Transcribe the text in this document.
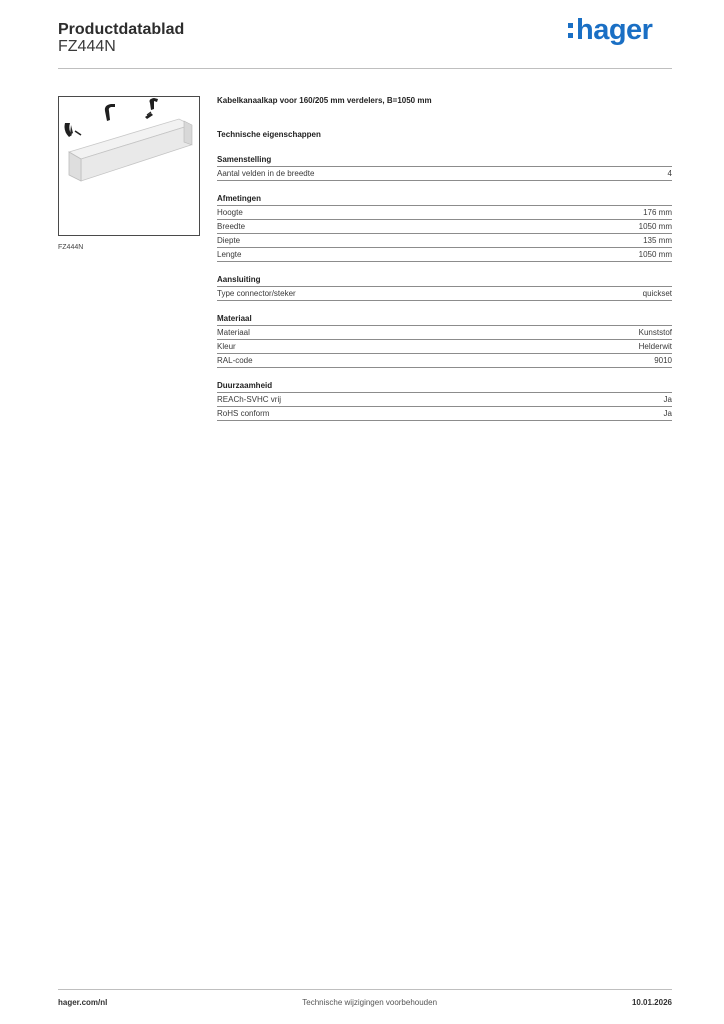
Productdatablad
FZ444N
hager
FZ444N
Kabelkanaalkap voor 160/205 mm verdelers, B=1050 mm
Technische eigenschappen
Samenstelling
Aantal velden in de breedte	4
Afmetingen
Hoogte	176 mm
Breedte	1050 mm
Diepte	135 mm
Lengte	1050 mm
Aansluiting
Type connector/steker	quickset
Materiaal
Materiaal	Kunststof
Kleur	Helderwit
RAL-code	9010
Duurzaamheid
REACh-SVHC vrij	Ja
RoHS conform	Ja
hager.com/nl	Technische wijzigingen voorbehouden	10.01.2026
